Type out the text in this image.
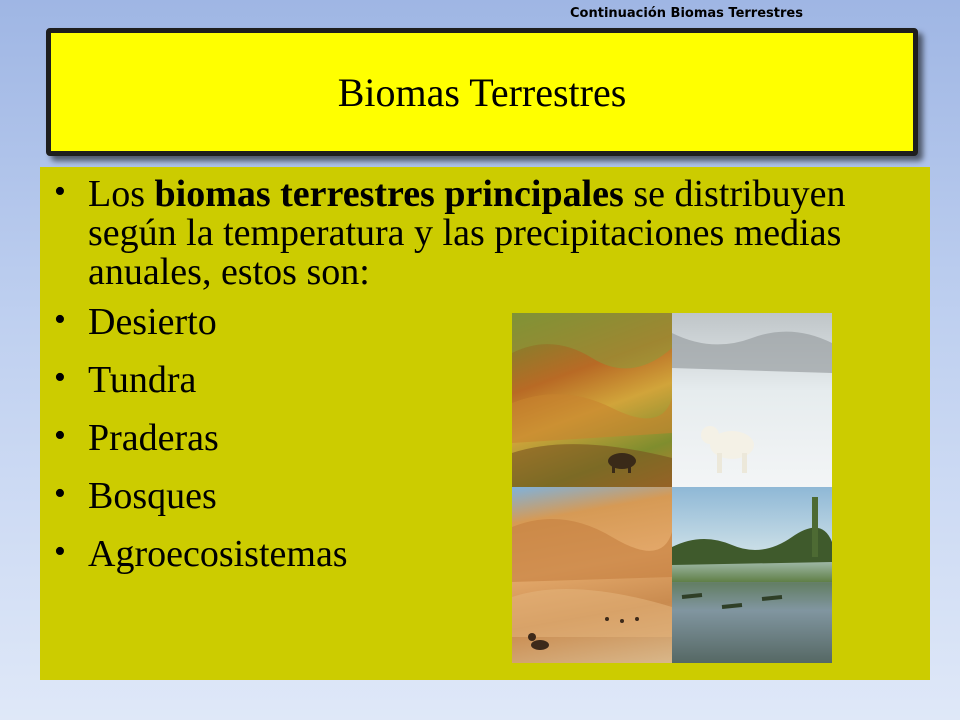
Continuación Biomas Terrestres
Biomas Terrestres
• Los biomas terrestres principales se distribuyen según la temperatura y las precipitaciones medias anuales, estos son:
• Desierto
• Tundra
• Praderas
• Bosques
• Agroecosistemas
